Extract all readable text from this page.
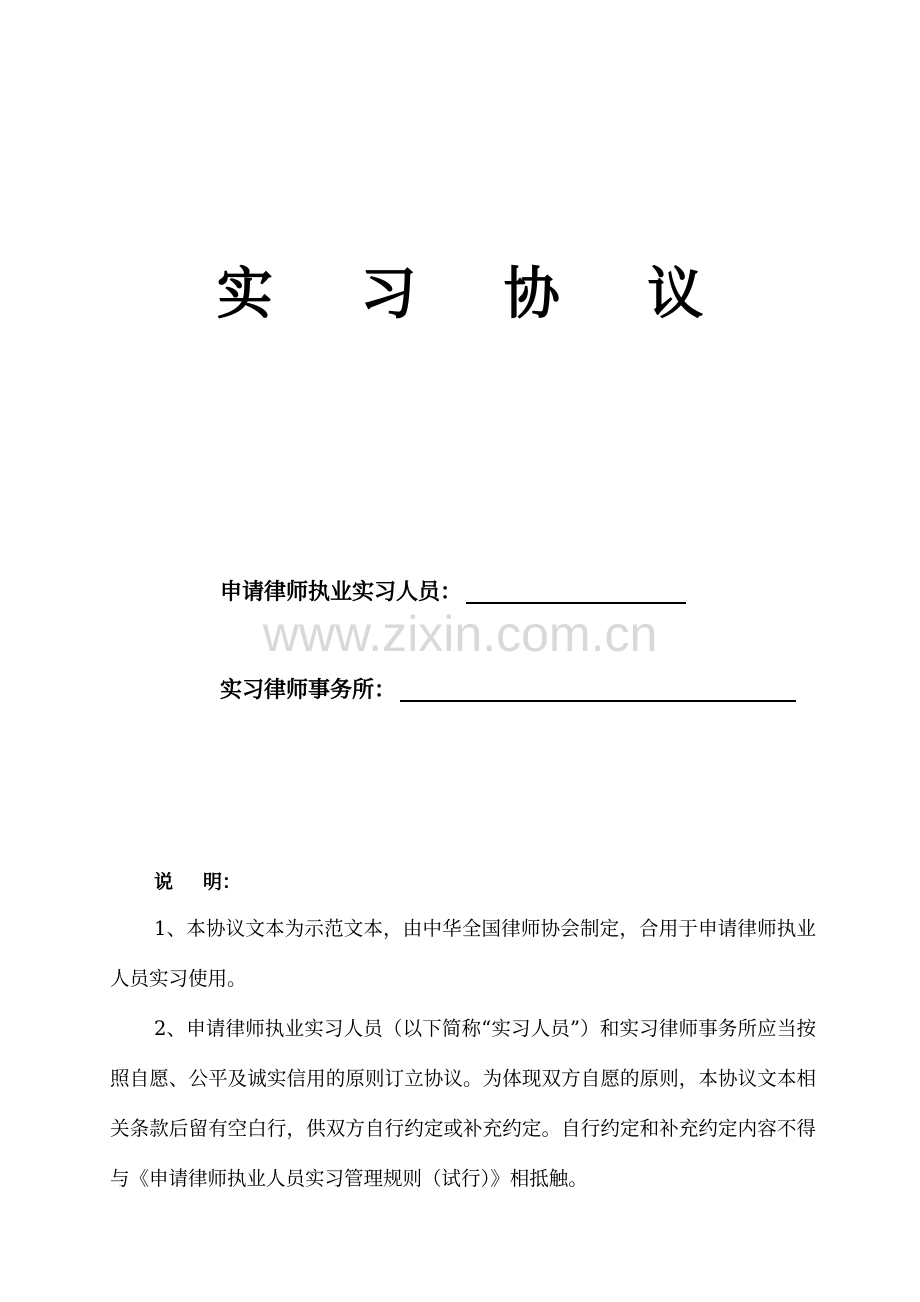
实 习 协 议
申请律师执业实习人员：
www.zixin.com.cn
实习律师事务所：
说 明：

1、本协议文本为示范文本，由中华全国律师协会制定，合用于申请律师执业人员实习使用。

2、申请律师执业实习人员（以下简称“实习人员”）和实习律师事务所应当按照自愿、公平及诚实信用的原则订立协议。为体现双方自愿的原则，本协议文本相关条款后留有空白行，供双方自行约定或补充约定。自行约定和补充约定内容不得与《申请律师执业人员实习管理规则（试行）》相抵触。
